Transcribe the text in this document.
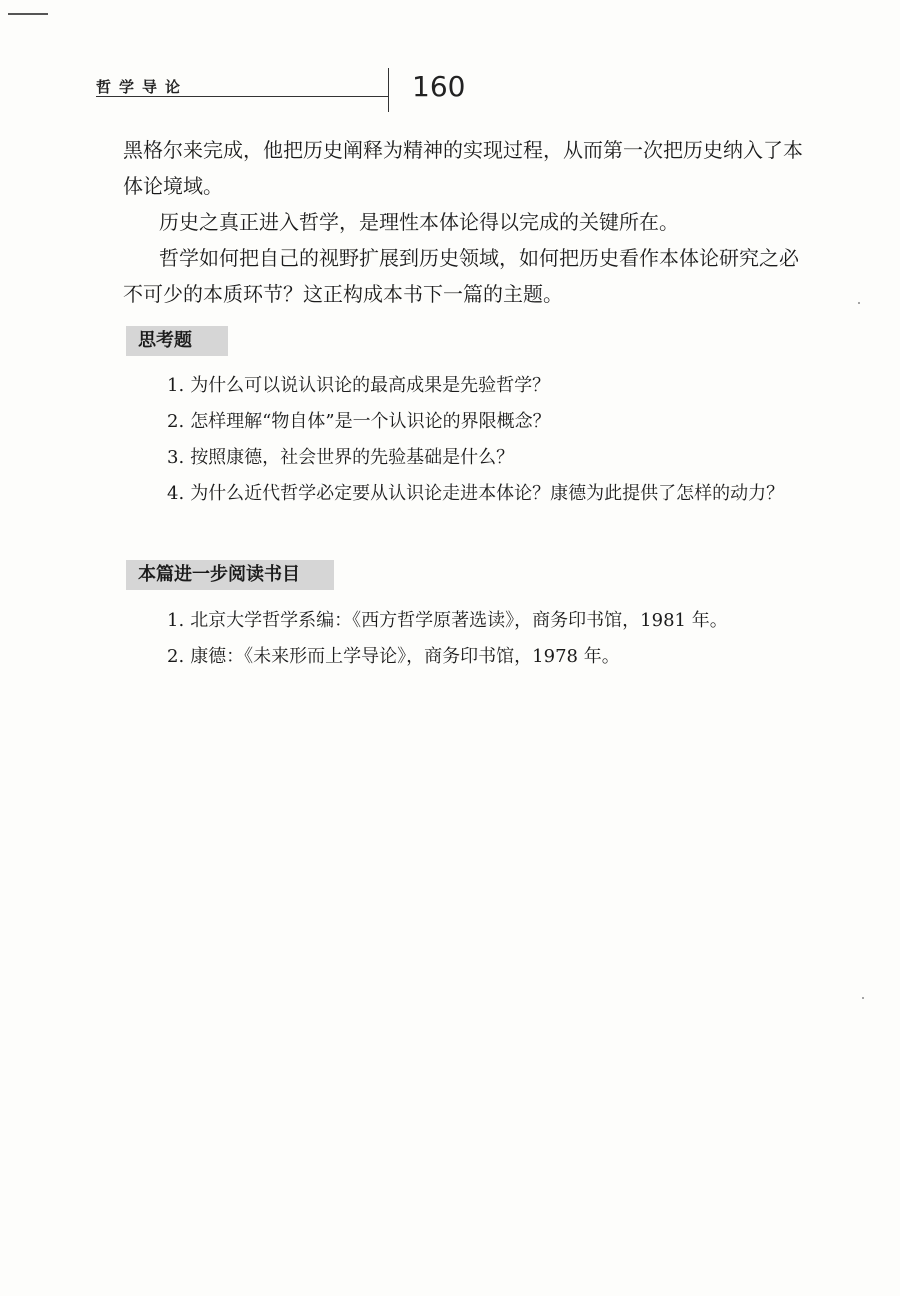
哲学导论	160

黑格尔来完成，他把历史阐释为精神的实现过程，从而第一次把历史纳入了本体论境域。

历史之真正进入哲学，是理性本体论得以完成的关键所在。

哲学如何把自己的视野扩展到历史领域，如何把历史看作本体论研究之必不可少的本质环节？这正构成本书下一篇的主题。

思考题

1. 为什么可以说认识论的最高成果是先验哲学？

2. 怎样理解“物自体”是一个认识论的界限概念？

3. 按照康德，社会世界的先验基础是什么？

4. 为什么近代哲学必定要从认识论走进本体论？康德为此提供了怎样的动力？

本篇进一步阅读书目

1. 北京大学哲学系编：《西方哲学原著选读》，商务印书馆，1981 年。

2. 康德：《未来形而上学导论》，商务印书馆，1978 年。
